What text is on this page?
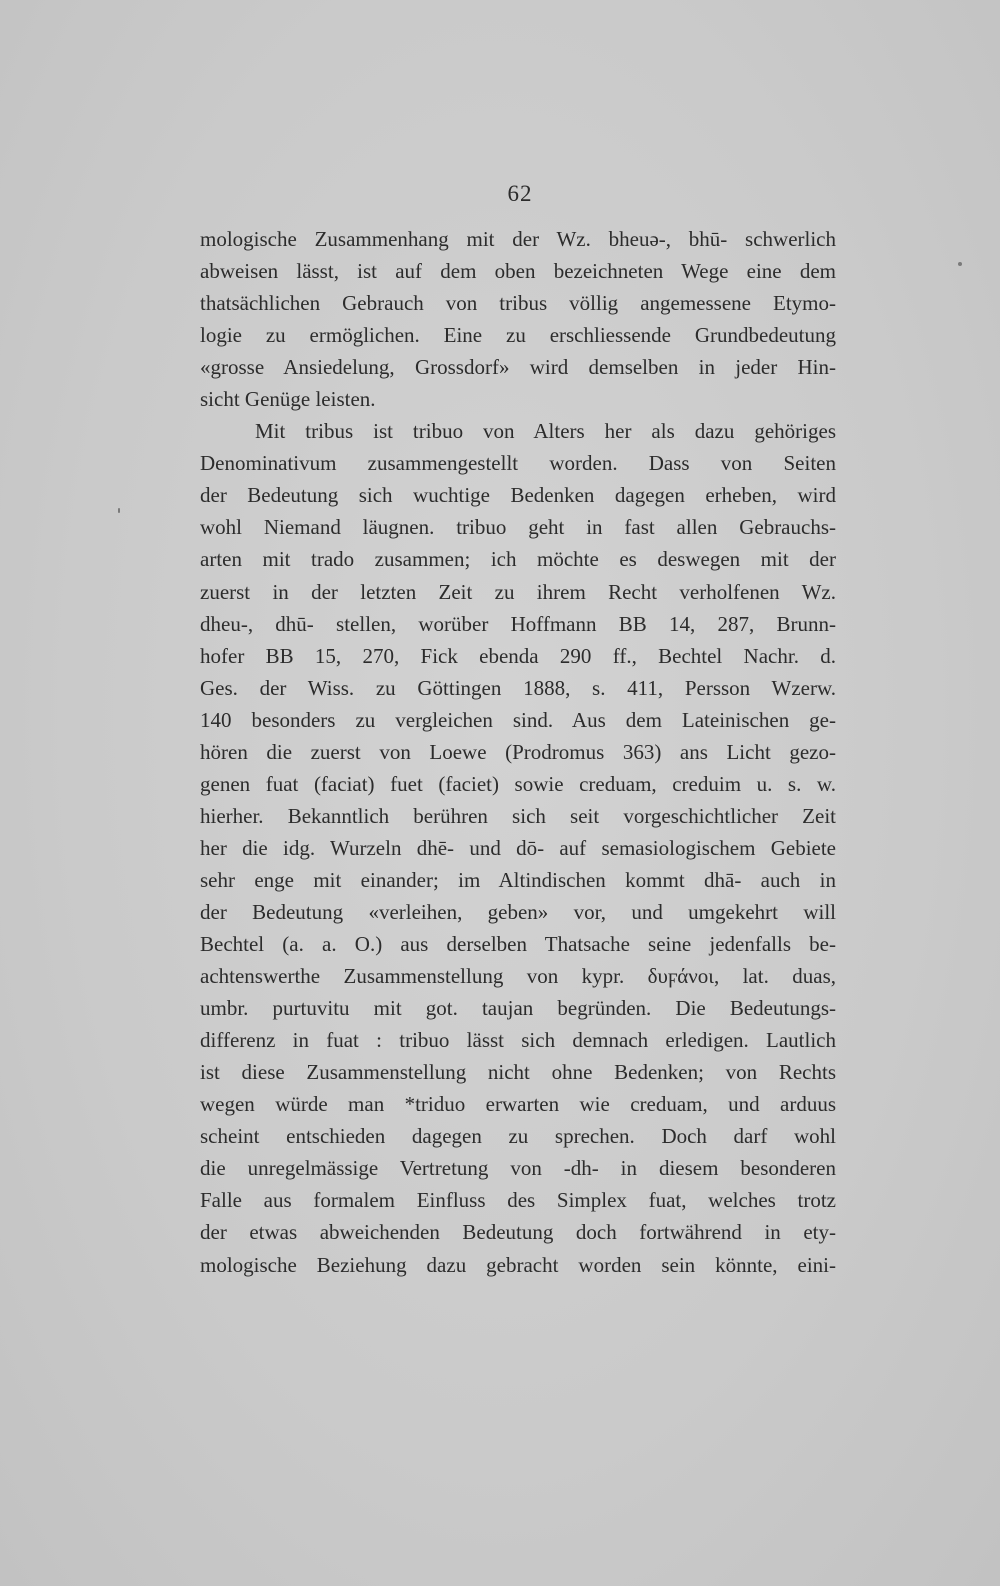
62
mologische Zusammenhang mit der Wz. bheuə-, bhū- schwerlich
abweisen lässt, ist auf dem oben bezeichneten Wege eine dem
thatsächlichen Gebrauch von tribus völlig angemessene Etymo-
logie zu ermöglichen. Eine zu erschliessende Grundbedeutung
«grosse Ansiedelung, Grossdorf» wird demselben in jeder Hin-
sicht Genüge leisten.
Mit tribus ist tribuo von Alters her als dazu gehöriges
Denominativum zusammengestellt worden. Dass von Seiten
der Bedeutung sich wuchtige Bedenken dagegen erheben, wird
wohl Niemand läugnen. tribuo geht in fast allen Gebrauchs-
arten mit trado zusammen; ich möchte es deswegen mit der
zuerst in der letzten Zeit zu ihrem Recht verholfenen Wz.
dheu-, dhū- stellen, worüber Hoffmann BB 14, 287, Brunn-
hofer BB 15, 270, Fick ebenda 290 ff., Bechtel Nachr. d.
Ges. der Wiss. zu Göttingen 1888, s. 411, Persson Wzerw.
140 besonders zu vergleichen sind. Aus dem Lateinischen ge-
hören die zuerst von Loewe (Prodromus 363) ans Licht gezo-
genen fuat (faciat) fuet (faciet) sowie creduam, creduim u. s. w.
hierher. Bekanntlich berühren sich seit vorgeschichtlicher Zeit
her die idg. Wurzeln dhē- und dō- auf semasiologischem Gebiete
sehr enge mit einander; im Altindischen kommt dhā- auch in
der Bedeutung «verleihen, geben» vor, und umgekehrt will
Bechtel (a. a. O.) aus derselben Thatsache seine jedenfalls be-
achtenswerthe Zusammenstellung von kypr. δυϝάνοι, lat. duas,
umbr. purtuvitu mit got. taujan begründen. Die Bedeutungs-
differenz in fuat : tribuo lässt sich demnach erledigen. Lautlich
ist diese Zusammenstellung nicht ohne Bedenken; von Rechts
wegen würde man *triduo erwarten wie creduam, und arduus
scheint entschieden dagegen zu sprechen. Doch darf wohl
die unregelmässige Vertretung von -dh- in diesem besonderen
Falle aus formalem Einfluss des Simplex fuat, welches trotz
der etwas abweichenden Bedeutung doch fortwährend in ety-
mologische Beziehung dazu gebracht worden sein könnte, eini-
